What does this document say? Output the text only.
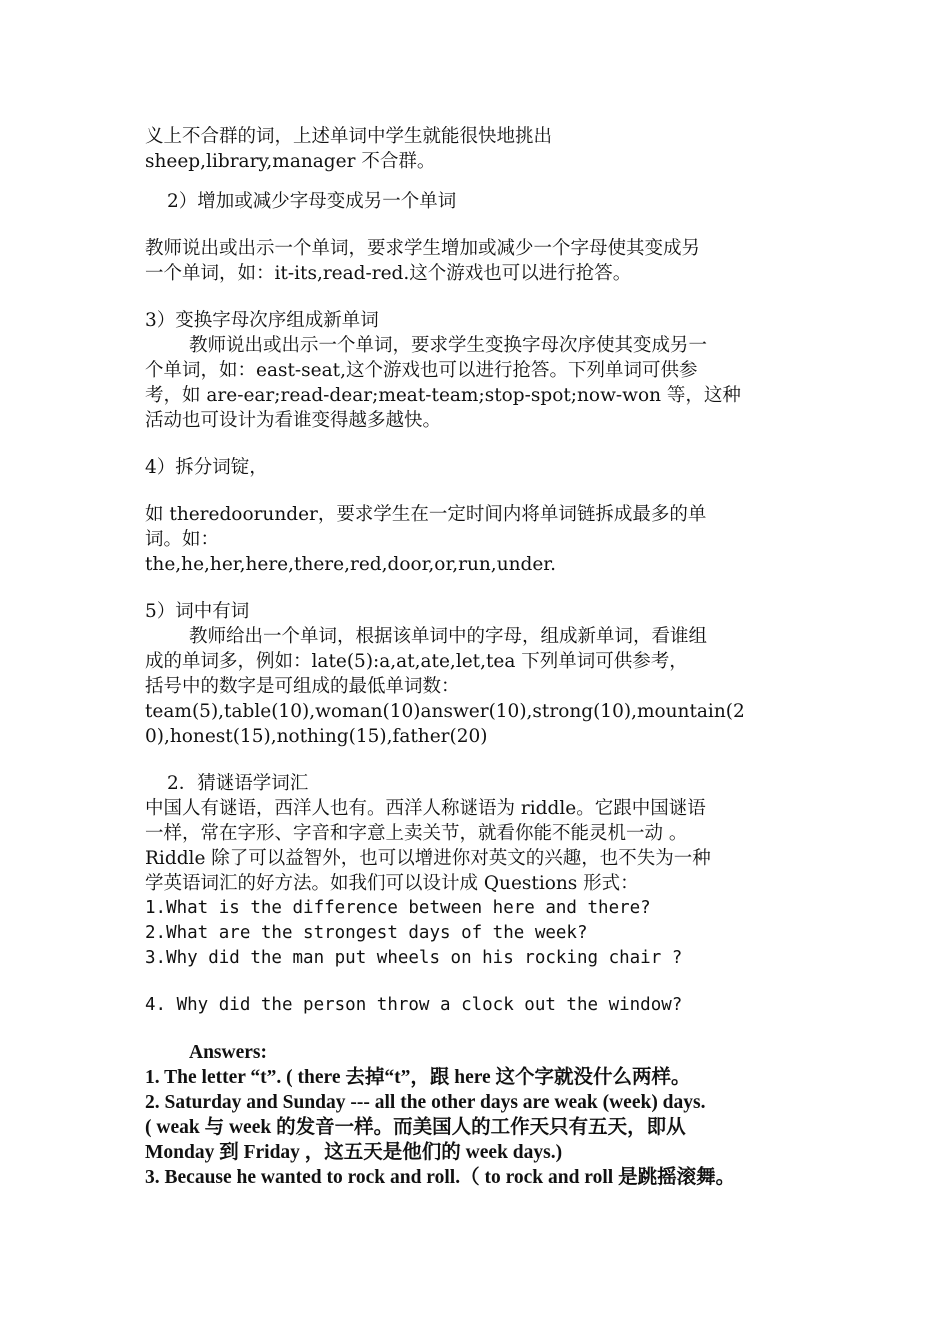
义上不合群的词，上述单词中学生就能很快地挑出

sheep,library,manager 不合群。

2）增加或减少字母变成另一个单词

教师说出或出示一个单词，要求学生增加或减少一个字母使其变成另

一个单词，如：it-its,read-red.这个游戏也可以进行抢答。

3）变换字母次序组成新单词

教师说出或出示一个单词，要求学生变换字母次序使其变成另一

个单词，如：east-seat,这个游戏也可以进行抢答。下列单词可供参

考，如 are-ear;read-dear;meat-team;stop-spot;now-won 等，这种

活动也可设计为看谁变得越多越快。

4）拆分词锭，

如 theredoorunder，要求学生在一定时间内将单词链拆成最多的单

词。如：

the,he,her,here,there,red,door,or,run,under.

5）词中有词

教师给出一个单词，根据该单词中的字母，组成新单词，看谁组

成的单词多，例如：late(5):a,at,ate,let,tea 下列单词可供参考，

括号中的数字是可组成的最低单词数：

team(5),table(10),woman(10)answer(10),strong(10),mountain(2

0),honest(15),nothing(15),father(20)

2．猜谜语学词汇

中国人有谜语，西洋人也有。西洋人称谜语为 riddle。它跟中国谜语

一样，常在字形、字音和字意上卖关节，就看你能不能灵机一动 。

Riddle 除了可以益智外，也可以增进你对英文的兴趣，也不失为一种

学英语词汇的好方法。如我们可以设计成 Questions 形式：

1.What is the difference between here and there?

2.What are the strongest days of the week?

3.Why did the man put wheels on his rocking chair ?

4. Why did the person throw a clock out the window?

Answers:

1. The letter “t”. ( there 去掉“t”，跟 here 这个字就没什么两样。

2. Saturday and Sunday --- all the other days are weak (week) days.

( weak 与 week 的发音一样。而美国人的工作天只有五天，即从

Monday 到 Friday ，这五天是他们的 week days.)

3. Because he wanted to rock and roll.（ to rock and roll 是跳摇滚舞。
